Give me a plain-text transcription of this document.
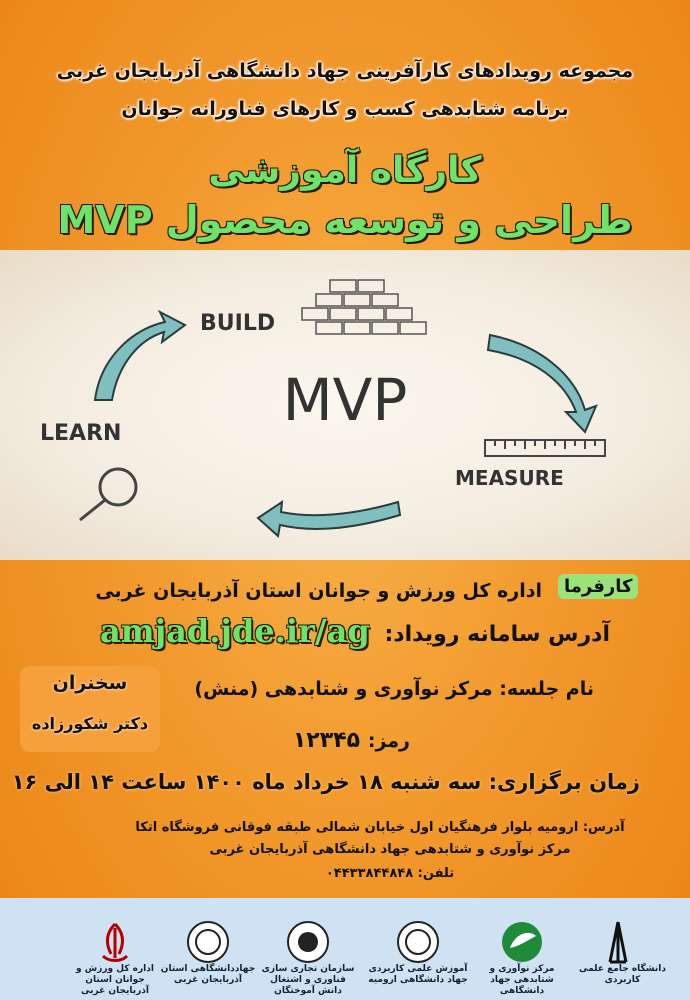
مجموعه رویدادهای کارآفرینی جهاد دانشگاهی آذربایجان غربی
برنامه شتابدهی کسب و کارهای فناورانه جوانان
کارگاه آموزشی
طراحی و توسعه محصول MVP
BUILD
MVP
LEARN
MEASURE
کارفرما
اداره کل ورزش و جوانان استان آذربایجان غربی
آدرس سامانه رویداد:
amjad.jde.ir/ag
نام جلسه: مرکز نوآوری و شتابدهی (منش)
رمز:
۱۲۳۴۵
سخنران
دکتر شکورزاده
زمان برگزاری: سه شنبه ۱۸ خرداد ماه ۱۴۰۰ ساعت ۱۴ الی ۱۶
آدرس: ارومیه بلوار فرهنگیان اول خیابان شمالی طبقه فوقانی فروشگاه اتکا
مرکز نوآوری و شتابدهی جهاد دانشگاهی آذربایجان غربی
تلفن: ۰۴۴۳۳۸۴۴۸۴۸
اداره کل ورزش و جوانان استان آذربایجان غربی
جهاددانشگاهی استان آذربایجان غربی
سازمان تجاری سازی فناوری و اشتغال دانش آموختگان
آموزش علمی کاربردی جهاد دانشگاهی ارومیه
مرکز نوآوری و شتابدهی جهاد دانشگاهی
دانشگاه جامع علمی کاربردی
